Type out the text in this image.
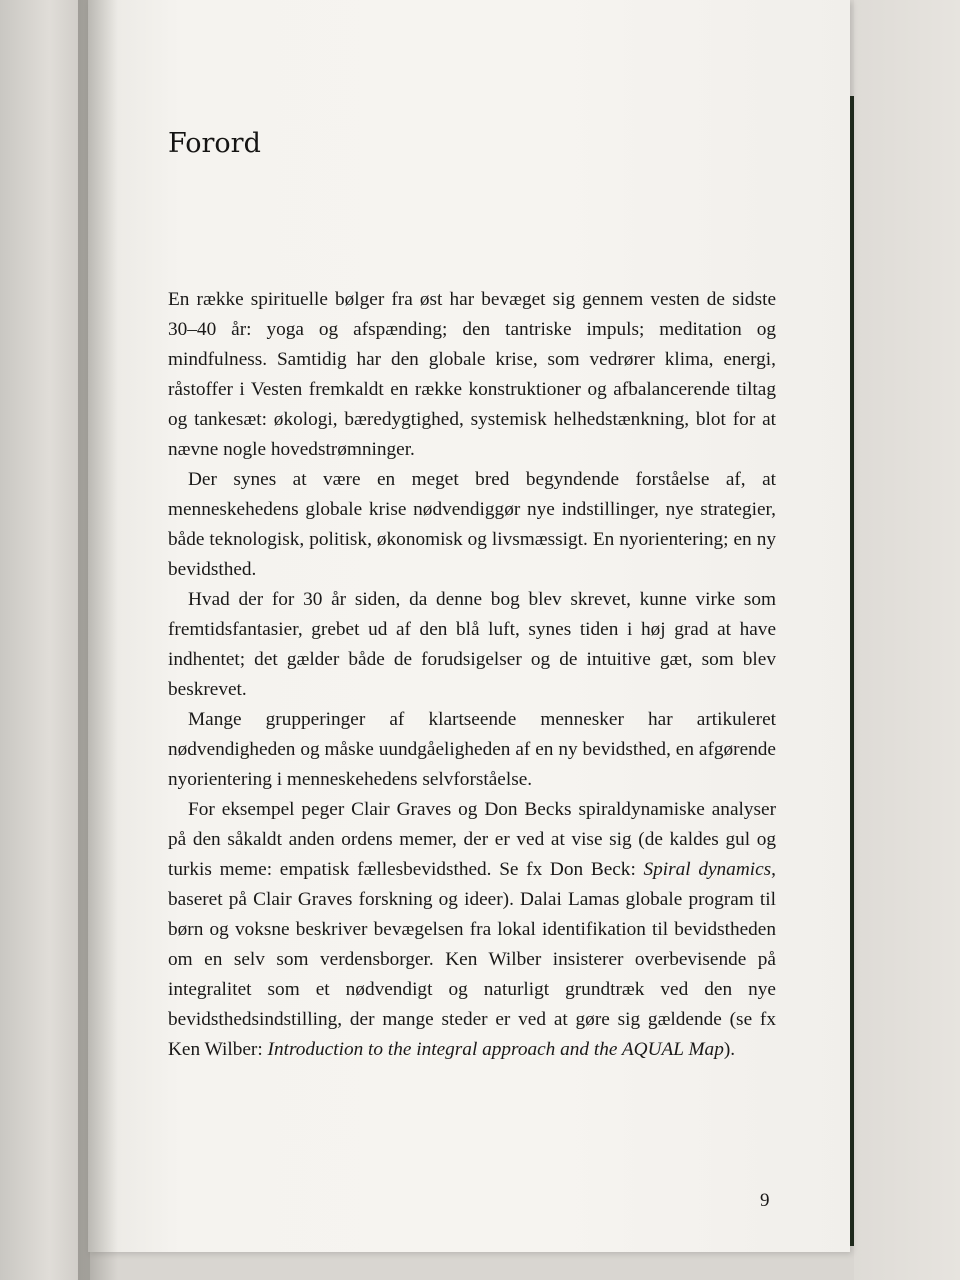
Forord

En række spirituelle bølger fra øst har bevæget sig gennem vesten de sidste 30–40 år: yoga og afspænding; den tantriske impuls; meditation og mindfulness. Samtidig har den globale krise, som vedrører klima, energi, råstoffer i Vesten fremkaldt en række konstruktioner og afbalancerende tiltag og tankesæt: økologi, bæredygtighed, systemisk helhedstænkning, blot for at nævne nogle hovedstrømninger.

Der synes at være en meget bred begyndende forståelse af, at menneskehedens globale krise nødvendiggør nye indstillinger, nye strategier, både teknologisk, politisk, økonomisk og livsmæssigt. En nyorientering; en ny bevidsthed.

Hvad der for 30 år siden, da denne bog blev skrevet, kunne virke som fremtidsfantasier, grebet ud af den blå luft, synes tiden i høj grad at have indhentet; det gælder både de forudsigelser og de intuitive gæt, som blev beskrevet.

Mange grupperinger af klartseende mennesker har artikuleret nødvendigheden og måske uundgåeligheden af en ny bevidsthed, en afgørende nyorientering i menneskehedens selvforståelse.

For eksempel peger Clair Graves og Don Becks spiraldynamiske analyser på den såkaldt anden ordens memer, der er ved at vise sig (de kaldes gul og turkis meme: empatisk fællesbevidsthed. Se fx Don Beck: Spiral dynamics, baseret på Clair Graves forskning og ideer). Dalai Lamas globale program til børn og voksne beskriver bevægelsen fra lokal identifikation til bevidstheden om en selv som verdensborger. Ken Wilber insisterer overbevisende på integralitet som et nødvendigt og naturligt grundtræk ved den nye bevidsthedsindstilling, der mange steder er ved at gøre sig gældende (se fx Ken Wilber: Introduction to the integral approach and the AQUAL Map).

9
